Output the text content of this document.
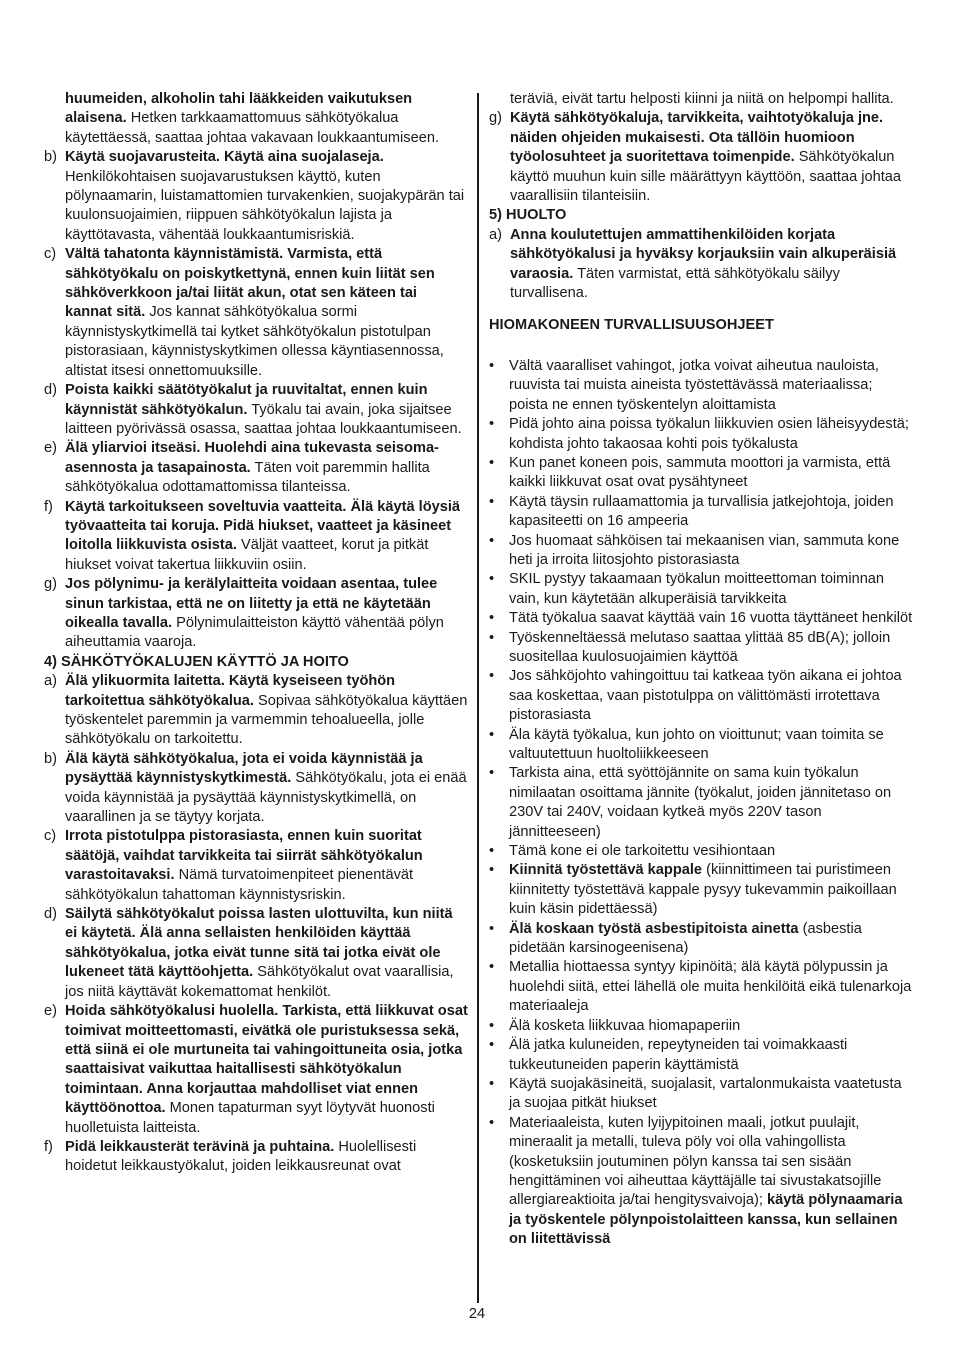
huumeiden, alkoholin tahi lääkkeiden vaikutuksen alaisena. Hetken tarkkaamattomuus sähkötyökalua käytettäessä, saattaa johtaa vakavaan loukkaantumiseen.

b) Käytä suojavarusteita. Käytä aina suojalaseja. Henkilökohtaisen suojavarustuksen käyttö, kuten pölynaamarin, luistamattomien turvakenkien, suojakypärän tai kuulonsuojaimien, riippuen sähkötyökalun lajista ja käyttötavasta, vähentää loukkaantumisriskiä.
c) Vältä tahatonta käynnistämistä. Varmista, että sähkötyökalu on poiskytkettynä, ennen kuin liität sen sähköverkkoon ja/tai liität akun, otat sen käteen tai kannat sitä. Jos kannat sähkötyökalua sormi käynnistyskytkimellä tai kytket sähkötyökalun pistotulpan pistorasiaan, käynnistyskytkimen ollessa käyntiasennossa, altistat itsesi onnettomuuksille.
d) Poista kaikki säätötyökalut ja ruuvitaltat, ennen kuin käynnistät sähkötyökalun. Työkalu tai avain, joka sijaitsee laitteen pyörivässä osassa, saattaa johtaa loukkaantumiseen.
e) Älä yliarvioi itseäsi. Huolehdi aina tukevasta seisoma-asennosta ja tasapainosta. Täten voit paremmin hallita sähkötyökalua odottamattomissa tilanteissa.
f) Käytä tarkoitukseen soveltuvia vaatteita. Älä käytä löysiä työvaatteita tai koruja. Pidä hiukset, vaatteet ja käsineet loitolla liikkuvista osista. Väljät vaatteet, korut ja pitkät hiukset voivat takertua liikkuviin osiin.
g) Jos pölynimu- ja kerälylaitteita voidaan asentaa, tulee sinun tarkistaa, että ne on liitetty ja että ne käytetään oikealla tavalla. Pölynimulaitteiston käyttö vähentää pölyn aiheuttamia vaaroja.

4) SÄHKÖTYÖKALUJEN KÄYTTÖ JA HOITO

a) Älä ylikuormita laitetta. Käytä kyseiseen työhön tarkoitettua sähkötyökalua. Sopivaa sähkötyökalua käyttäen työskentelet paremmin ja varmemmin tehoalueella, jolle sähkötyökalu on tarkoitettu.
b) Älä käytä sähkötyökalua, jota ei voida käynnistää ja pysäyttää käynnistyskytkimestä. Sähkötyökalu, jota ei enää voida käynnistää ja pysäyttää käynnistyskytkimellä, on vaarallinen ja se täytyy korjata.
c) Irrota pistotulppa pistorasiasta, ennen kuin suoritat säätöjä, vaihdat tarvikkeita tai siirrät sähkötyökalun varastoitavaksi. Nämä turvatoimenpiteet pienentävät sähkötyökalun tahattoman käynnistysriskin.
d) Säilytä sähkötyökalut poissa lasten ulottuvilta, kun niitä ei käytetä. Älä anna sellaisten henkilöiden käyttää sähkötyökalua, jotka eivät tunne sitä tai jotka eivät ole lukeneet tätä käyttöohjetta. Sähkötyökalut ovat vaarallisia, jos niitä käyttävät kokemattomat henkilöt.
e) Hoida sähkötyökalusi huolella. Tarkista, että liikkuvat osat toimivat moitteettomasti, eivätkä ole puristuksessa sekä, että siinä ei ole murtuneita tai vahingoittuneita osia, jotka saattaisivat vaikuttaa haitallisesti sähkötyökalun toimintaan. Anna korjauttaa mahdolliset viat ennen käyttöönottoa. Monen tapaturman syyt löytyvät huonosti huolletuista laitteista.
f) Pidä leikkausterät terävinä ja puhtaina. Huolellisesti hoidetut leikkaustyökalut, joiden leikkausreunat ovat

teräviä, eivät tartu helposti kiinni ja niitä on helpompi hallita.

g) Käytä sähkötyökaluja, tarvikkeita, vaihtotyökaluja jne. näiden ohjeiden mukaisesti. Ota tällöin huomioon työolosuhteet ja suoritettava toimenpide. Sähkötyökalun käyttö muuhun kuin sille määrättyyn käyttöön, saattaa johtaa vaarallisiin tilanteisiin.

5) HUOLTO

a) Anna koulutettujen ammattihenkilöiden korjata sähkötyökalusi ja hyväksy korjauksiin vain alkuperäisiä varaosia. Täten varmistat, että sähkötyökalu säilyy turvallisena.

HIOMAKONEEN TURVALLISUUSOHJEET

• Vältä vaaralliset vahingot, jotka voivat aiheutua nauloista, ruuvista tai muista aineista työstettävässä materiaalissa; poista ne ennen työskentelyn aloittamista
• Pidä johto aina poissa työkalun liikkuvien osien läheisyydestä; kohdista johto takaosaa kohti pois työkalusta
• Kun panet koneen pois, sammuta moottori ja varmista, että kaikki liikkuvat osat ovat pysähtyneet
• Käytä täysin rullaamattomia ja turvallisia jatkejohtoja, joiden kapasiteetti on 16 ampeeria
• Jos huomaat sähköisen tai mekaanisen vian, sammuta kone heti ja irroita liitosjohto pistorasiasta
• SKIL pystyy takaamaan työkalun moitteettoman toiminnan vain, kun käytetään alkuperäisiä tarvikkeita
• Tätä työkalua saavat käyttää vain 16 vuotta täyttäneet henkilöt
• Työskenneltäessä melutaso saattaa ylittää 85 dB(A); jolloin suositellaa kuulosuojaimien käyttöä
• Jos sähköjohto vahingoittuu tai katkeaa työn aikana ei johtoa saa koskettaa, vaan pistotulppa on välittömästi irrotettava pistorasiasta
• Äla käytä työkalua, kun johto on vioittunut; vaan toimita se valtuutettuun huoltoliikkeeseen
• Tarkista aina, että syöttöjännite on sama kuin työkalun nimilaatan osoittama jännite (työkalut, joiden jännitetaso on 230V tai 240V, voidaan kytkeä myös 220V tason jännitteeseen)
• Tämä kone ei ole tarkoitettu vesihiontaan
• Kiinnitä työstettävä kappale (kiinnittimeen tai puristimeen kiinnitetty työstettävä kappale pysyy tukevammin paikoillaan kuin käsin pidettäessä)
• Älä koskaan työstä asbestipitoista ainetta (asbestia pidetään karsinogeenisena)
• Metallia hiottaessa syntyy kipinöitä; älä käytä pölypussin ja huolehdi siitä, ettei lähellä ole muita henkilöitä eikä tulenarkoja materiaaleja
• Älä kosketa liikkuvaa hiomapaperiin
• Älä jatka kuluneiden, repeytyneiden tai voimakkaasti tukkeutuneiden paperin käyttämistä
• Käytä suojakäsineitä, suojalasit, vartalonmukaista vaatetusta ja suojaa pitkät hiukset
• Materiaaleista, kuten lyijypitoinen maali, jotkut puulajit, mineraalit ja metalli, tuleva pöly voi olla vahingollista (kosketuksiin joutuminen pölyn kanssa tai sen sisään hengittäminen voi aiheuttaa käyttäjälle tai sivustakatsojille allergiareaktioita ja/tai hengitysvaivoja); käytä pölynaamaria ja työskentele pölynpoistolaitteen kanssa, kun sellainen on liitettävissä
24
